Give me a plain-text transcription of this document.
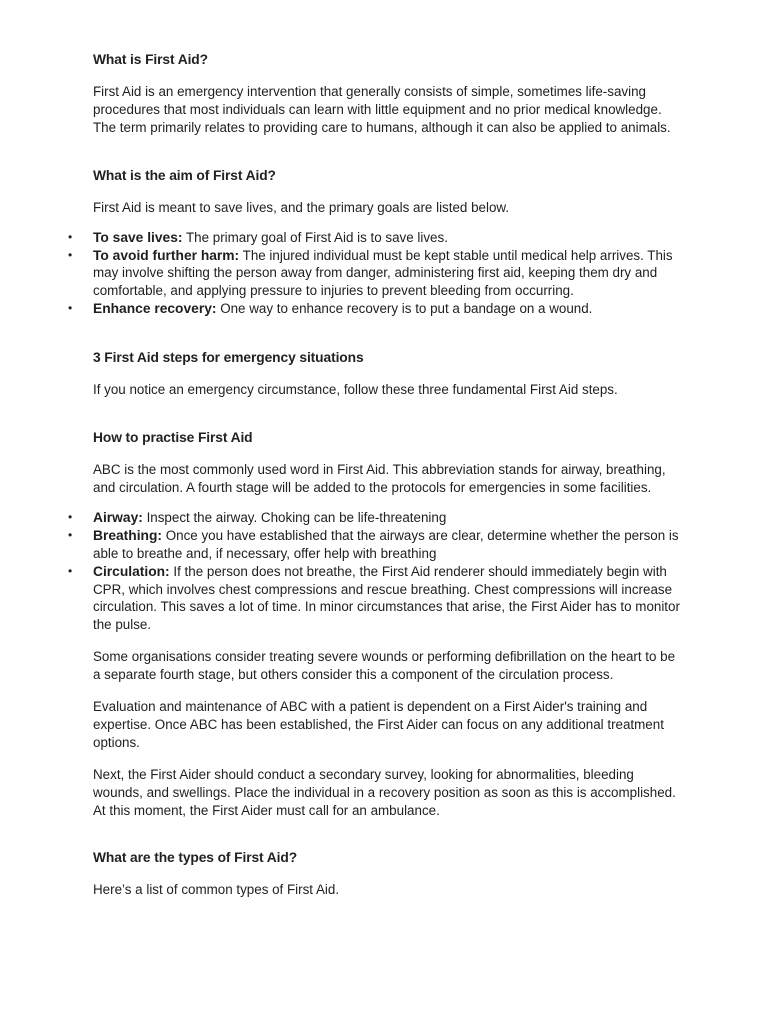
What is First Aid?

First Aid is an emergency intervention that generally consists of simple, sometimes life-saving procedures that most individuals can learn with little equipment and no prior medical knowledge. The term primarily relates to providing care to humans, although it can also be applied to animals.

What is the aim of First Aid?

First Aid is meant to save lives, and the primary goals are listed below.

• To save lives: The primary goal of First Aid is to save lives.
• To avoid further harm: The injured individual must be kept stable until medical help arrives. This may involve shifting the person away from danger, administering first aid, keeping them dry and comfortable, and applying pressure to injuries to prevent bleeding from occurring.
• Enhance recovery: One way to enhance recovery is to put a bandage on a wound.
3 First Aid steps for emergency situations

If you notice an emergency circumstance, follow these three fundamental First Aid steps.

How to practise First Aid

ABC is the most commonly used word in First Aid. This abbreviation stands for airway, breathing, and circulation. A fourth stage will be added to the protocols for emergencies in some facilities.

• Airway: Inspect the airway. Choking can be life-threatening
• Breathing: Once you have established that the airways are clear, determine whether the person is able to breathe and, if necessary, offer help with breathing
• Circulation: If the person does not breathe, the First Aid renderer should immediately begin with CPR, which involves chest compressions and rescue breathing. Chest compressions will increase circulation. This saves a lot of time. In minor circumstances that arise, the First Aider has to monitor the pulse.

Some organisations consider treating severe wounds or performing defibrillation on the heart to be a separate fourth stage, but others consider this a component of the circulation process.

Evaluation and maintenance of ABC with a patient is dependent on a First Aider's training and expertise. Once ABC has been established, the First Aider can focus on any additional treatment options.

Next, the First Aider should conduct a secondary survey, looking for abnormalities, bleeding wounds, and swellings. Place the individual in a recovery position as soon as this is accomplished. At this moment, the First Aider must call for an ambulance.

What are the types of First Aid?

Here’s a list of common types of First Aid.
